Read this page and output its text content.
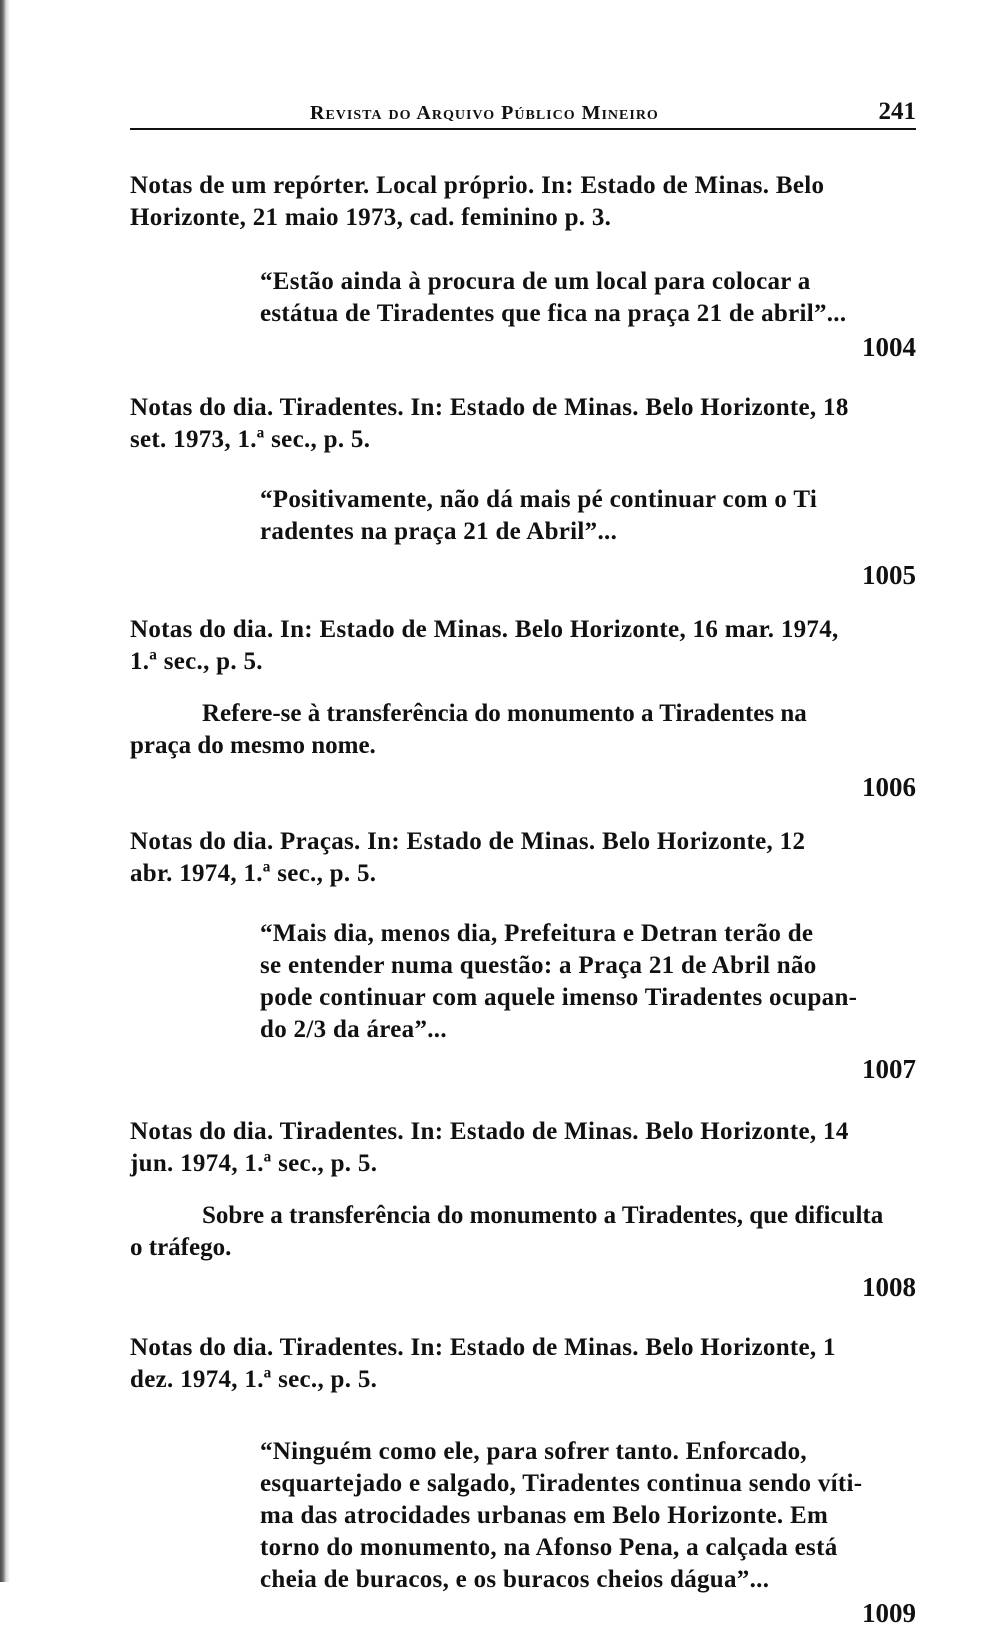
Revista do Arquivo Público Mineiro	241

Notas de um repórter. Local próprio. In: Estado de Minas. Belo
Horizonte, 21 maio 1973, cad. feminino p. 3.

“Estão ainda à procura de um local para colocar a
estátua de Tiradentes que fica na praça 21 de abril”...

1004

Notas do dia. Tiradentes. In: Estado de Minas. Belo Horizonte, 18
set. 1973, 1.ª sec., p. 5.

“Positivamente, não dá mais pé continuar com o Ti
radentes na praça 21 de Abril”...

1005

Notas do dia. In: Estado de Minas. Belo Horizonte, 16 mar. 1974,
1.ª sec., p. 5.

Refere-se à transferência do monumento a Tiradentes na
praça do mesmo nome.

1006

Notas do dia. Praças. In: Estado de Minas. Belo Horizonte, 12
abr. 1974, 1.ª sec., p. 5.

“Mais dia, menos dia, Prefeitura e Detran terão de
se entender numa questão: a Praça 21 de Abril não
pode continuar com aquele imenso Tiradentes ocupan-
do 2/3 da área”...

1007

Notas do dia. Tiradentes. In: Estado de Minas. Belo Horizonte, 14
jun. 1974, 1.ª sec., p. 5.

Sobre a transferência do monumento a Tiradentes, que dificulta
o tráfego.

1008

Notas do dia. Tiradentes. In: Estado de Minas. Belo Horizonte, 1
dez. 1974, 1.ª sec., p. 5.

“Ninguém como ele, para sofrer tanto. Enforcado,
esquartejado e salgado, Tiradentes continua sendo víti-
ma das atrocidades urbanas em Belo Horizonte. Em
torno do monumento, na Afonso Pena, a calçada está
cheia de buracos, e os buracos cheios dágua”...

1009
